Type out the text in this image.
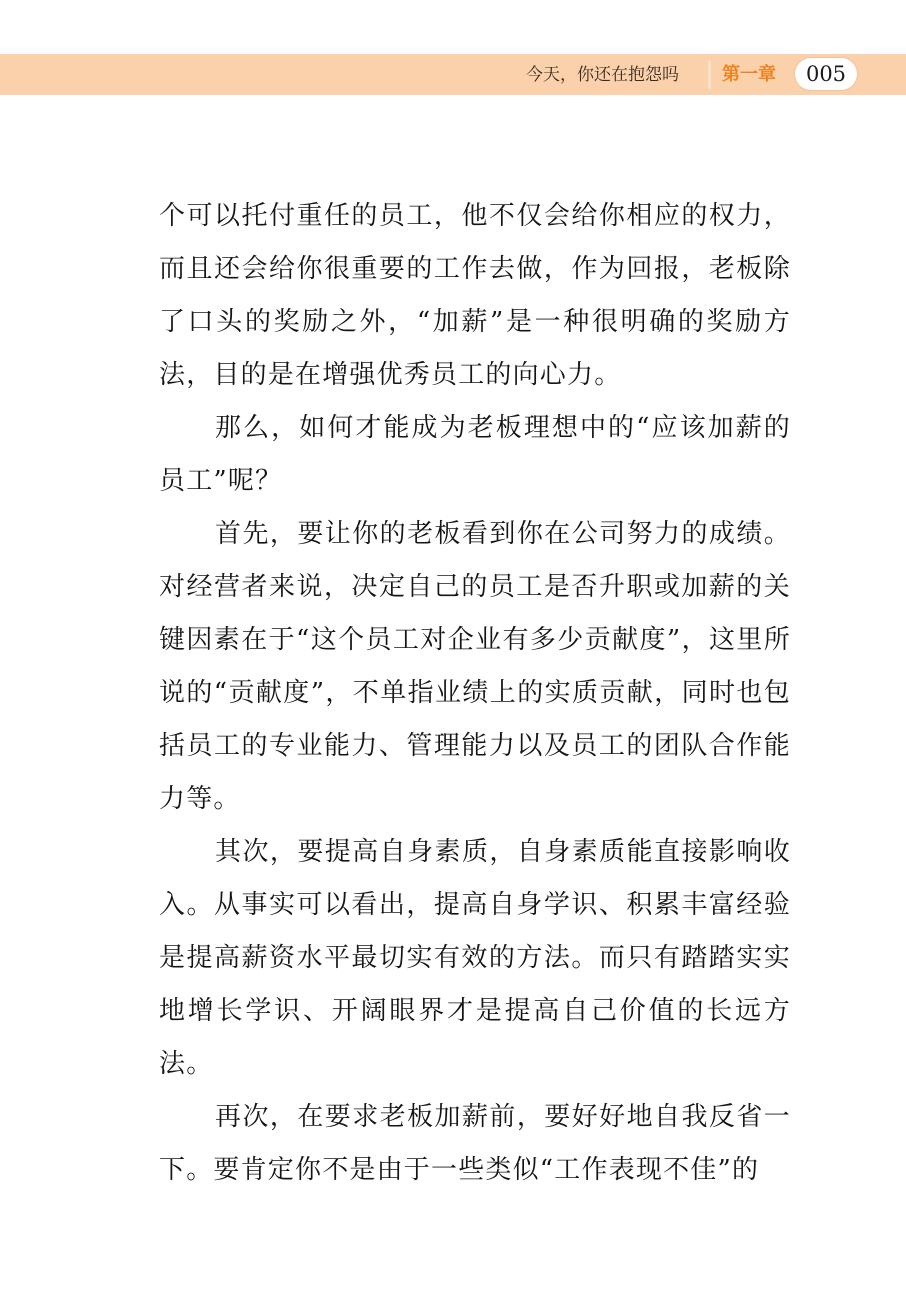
今天，你还在抱怨吗 第一章	005

个可以托付重任的员工，他不仅会给你相应的权力，而且还会给你很重要的工作去做，作为回报，老板除了口头的奖励之外，“加薪”是一种很明确的奖励方法，目的是在增强优秀员工的向心力。

那么，如何才能成为老板理想中的“应该加薪的员工”呢？

首先，要让你的老板看到你在公司努力的成绩。对经营者来说，决定自己的员工是否升职或加薪的关键因素在于“这个员工对企业有多少贡献度”，这里所说的“贡献度”，不单指业绩上的实质贡献，同时也包括员工的专业能力、管理能力以及员工的团队合作能力等。

其次，要提高自身素质，自身素质能直接影响收入。从事实可以看出，提高自身学识、积累丰富经验是提高薪资水平最切实有效的方法。而只有踏踏实实地增长学识、开阔眼界才是提高自己价值的长远方法。

再次，在要求老板加薪前，要好好地自我反省一下。要肯定你不是由于一些类似“工作表现不佳”的
